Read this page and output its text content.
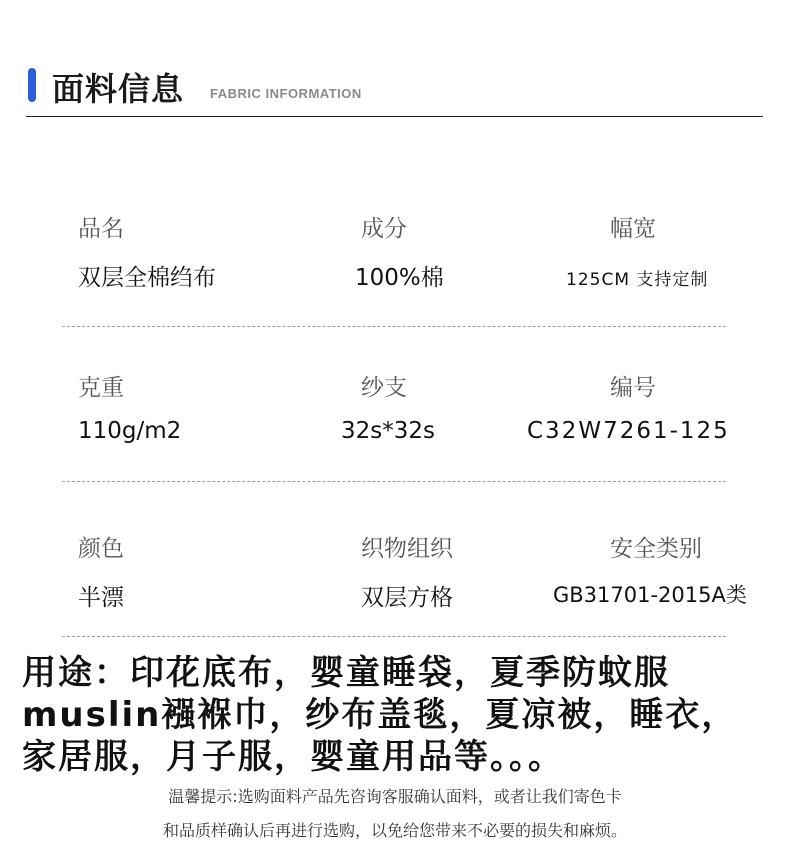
面料信息 FABRIC INFORMATION
品名
双层全棉绉布
成分
100%棉
幅宽
125CM 支持定制
克重
110g/m2
纱支
32s*32s
编号
C32W7261-125
颜色
半漂
织物组织
双层方格
安全类别
GB31701-2015A类
用途：印花底布，婴童睡袋，夏季防蚊服
muslin襁褓巾，纱布盖毯，夏凉被，睡衣，
家居服，月子服，婴童用品等。。。
温馨提示:选购面料产品先咨询客服确认面料，或者让我们寄色卡
和品质样确认后再进行选购，以免给您带来不必要的损失和麻烦。
